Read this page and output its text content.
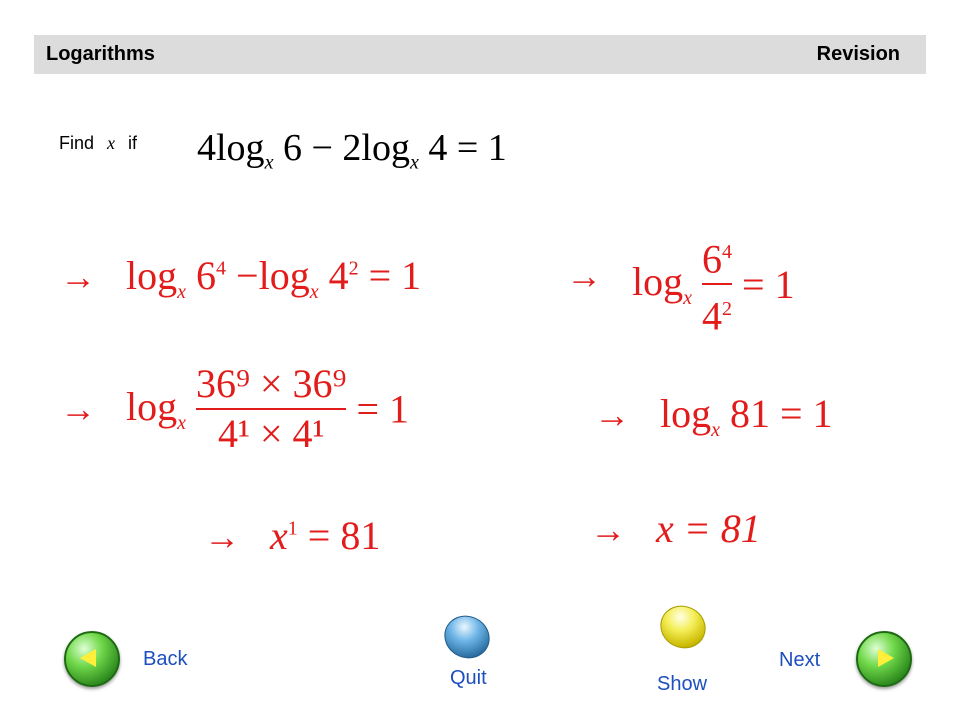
Logarithms	Revision
Find x if $4\log_x$ $6 - 2\log_x$ 4 = 1
→ $\log_x 6^4 -\log_x$ $4^2 = 1$	→ $\log_x \frac{6^4}{4^2} = 1$
→ $\log_x \frac{\text{36⁹ × 36⁹}}{\text{4¹ × 4¹}} = 1$	→ $\log_x 81 = 1$
→ $x^1 = 81$	→ x = 81
Back	Next
Quit	Show
